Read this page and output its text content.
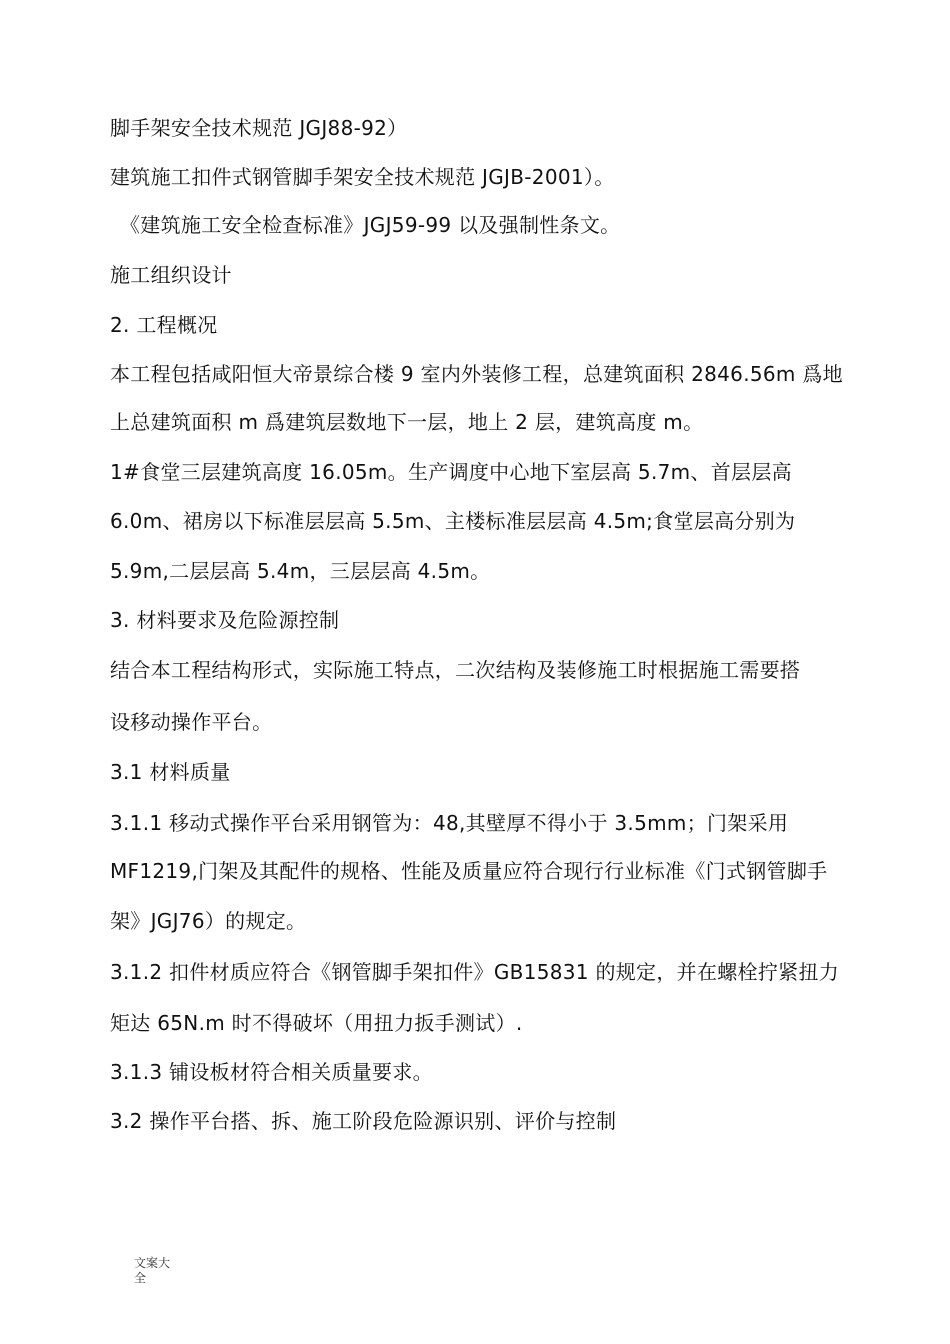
脚手架安全技术规范 JGJ88-92）
建筑施工扣件式钢管脚手架安全技术规范 JGJB-2001）。
《建筑施工安全检查标准》JGJ59-99 以及强制性条文。
施工组织设计
2. 工程概况
本工程包括咸阳恒大帝景综合楼 9 室内外装修工程，总建筑面积 2846.56m 爲地
上总建筑面积 m 爲建筑层数地下一层，地上 2 层，建筑高度 m。
1#食堂三层建筑高度 16.05m。生产调度中心地下室层高 5.7m、首层层高
6.0m、裙房以下标准层层高 5.5m、主楼标准层层高 4.5m;食堂层高分别为
5.9m,二层层高 5.4m，三层层高 4.5m。
3. 材料要求及危险源控制
结合本工程结构形式，实际施工特点，二次结构及装修施工时根据施工需要搭
设移动操作平台。
3.1 材料质量
3.1.1 移动式操作平台采用钢管为：48,其壁厚不得小于 3.5mm；门架采用
MF1219,门架及其配件的规格、性能及质量应符合现行行业标准《门式钢管脚手
架》JGJ76）的规定。
3.1.2 扣件材质应符合《钢管脚手架扣件》GB15831 的规定，并在螺栓拧紧扭力
矩达 65N.m 时不得破坏（用扭力扳手测试）.
3.1.3 铺设板材符合相关质量要求。
3.2 操作平台搭、拆、施工阶段危险源识别、评价与控制
文案大全
